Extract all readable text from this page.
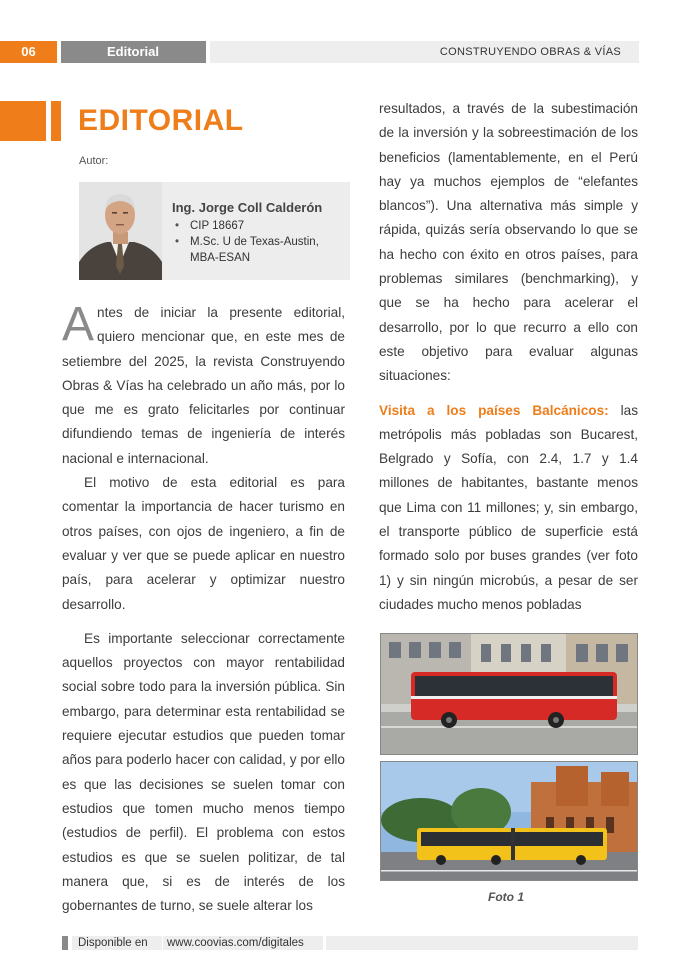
06	Editorial	CONSTRUYENDO OBRAS & VÍAS
EDITORIAL
Autor:
Ing. Jorge Coll Calderón
• CIP 18667
• M.Sc. U de Texas-Austin,
MBA-ESAN

Antes de iniciar la presente editorial, quiero mencionar que, en este mes de setiembre del 2025, la revista Construyendo Obras & Vías ha celebrado un año más, por lo que me es grato felicitarles por continuar difundiendo temas de ingeniería de interés nacional e internacional.

El motivo de esta editorial es para comentar la importancia de hacer turismo en otros países, con ojos de ingeniero, a fin de evaluar y ver que se puede aplicar en nuestro país, para acelerar y optimizar nuestro desarrollo.

Es importante seleccionar correctamente aquellos proyectos con mayor rentabilidad social sobre todo para la inversión pública. Sin embargo, para determinar esta rentabilidad se requiere ejecutar estudios que pueden tomar años para poderlo hacer con calidad, y por ello es que las decisiones se suelen tomar con estudios que tomen mucho menos tiempo (estudios de perfil). El problema con estos estudios es que se suelen politizar, de tal manera que, si es de interés de los gobernantes de turno, se suele alterar los

resultados, a través de la subestimación de la inversión y la sobreestimación de los beneficios (lamentablemente, en el Perú hay ya muchos ejemplos de “elefantes blancos”). Una alternativa más simple y rápida, quizás sería observando lo que se ha hecho con éxito en otros países, para problemas similares (benchmarking), y que se ha hecho para acelerar el desarrollo, por lo que recurro a ello con este objetivo para evaluar algunas situaciones:

Visita a los países Balcánicos: las metrópolis más pobladas son Bucarest, Belgrado y Sofía, con 2.4, 1.7 y 1.4 millones de habitantes, bastante menos que Lima con 11 millones; y, sin embargo, el transporte público de superficie está formado solo por buses grandes (ver foto 1) y sin ningún microbús, a pesar de ser ciudades mucho menos pobladas

Foto 1
Disponible en	www.coovias.com/digitales
